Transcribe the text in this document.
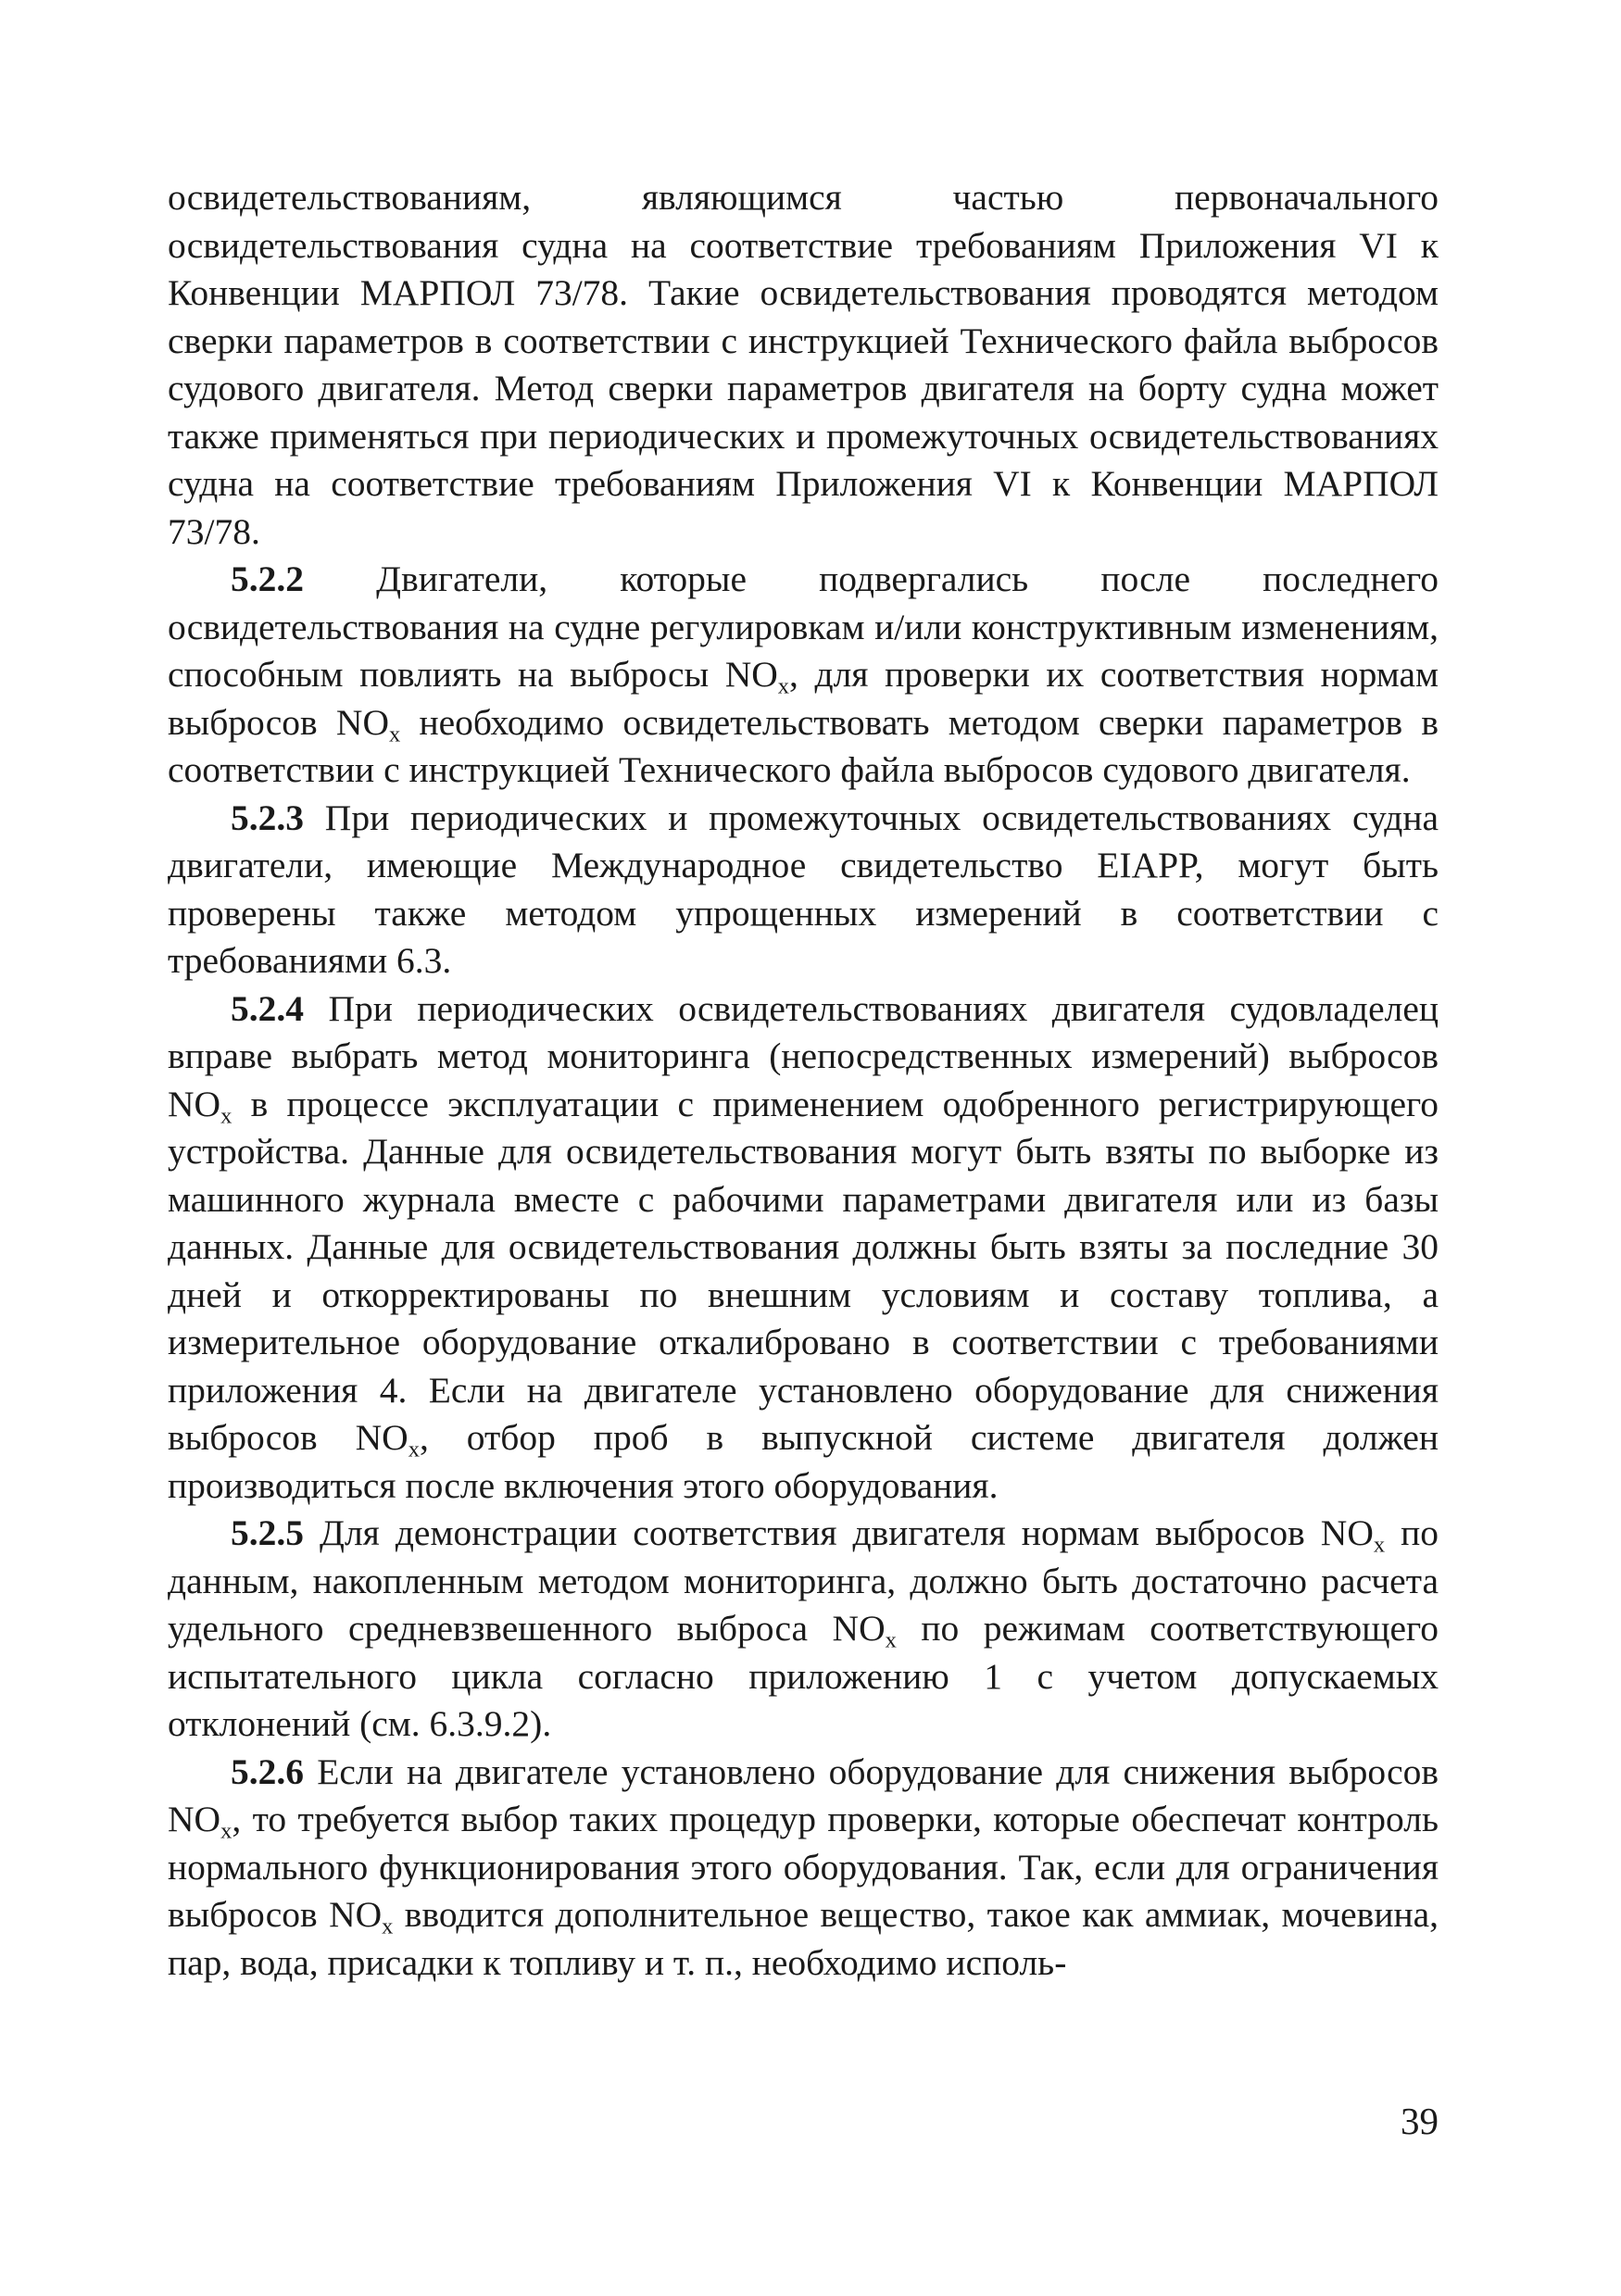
освидетельствованиям, являющимся частью первоначального освидетельствования судна на соответствие требованиям Приложения VI к Конвенции МАРПОЛ 73/78. Такие освидетельствования проводятся методом сверки параметров в соответствии с инструкцией Технического файла выбросов судового двигателя. Метод сверки параметров двигателя на борту судна может также применяться при периодических и промежуточных освидетельствованиях судна на соответствие требованиям Приложения VI к Конвенции МАРПОЛ 73/78.

5.2.2 Двигатели, которые подвергались после последнего освидетельствования на судне регулировкам и/или конструктивным изменениям, способным повлиять на выбросы $NO_x$, для проверки их соответствия нормам выбросов $NO_x$ необходимо освидетельствовать методом сверки параметров в соответствии с инструкцией Технического файла выбросов судового двигателя.

5.2.3 При периодических и промежуточных освидетельствованиях судна двигатели, имеющие Международное свидетельство EIAPP, могут быть проверены также методом упрощенных измерений в соответствии с требованиями 6.3.

5.2.4 При периодических освидетельствованиях двигателя судовладелец вправе выбрать метод мониторинга (непосредственных измерений) выбросов $NO_x$ в процессе эксплуатации с применением одобренного регистрирующего устройства. Данные для освидетельствования могут быть взяты по выборке из машинного журнала вместе с рабочими параметрами двигателя или из базы данных. Данные для освидетельствования должны быть взяты за последние 30 дней и откорректированы по внешним условиям и составу топлива, а измерительное оборудование откалибровано в соответствии с требованиями приложения 4. Если на двигателе установлено оборудование для снижения выбросов $NO_x$, отбор проб в выпускной системе двигателя должен производиться после включения этого оборудования.

5.2.5 Для демонстрации соответствия двигателя нормам выбросов $NO_x$ по данным, накопленным методом мониторинга, должно быть достаточно расчета удельного средневзвешенного выброса $NO_x$ по режимам соответствующего испытательного цикла согласно приложению 1 с учетом допускаемых отклонений (см. 6.3.9.2).

5.2.6 Если на двигателе установлено оборудование для снижения выбросов $NO_x$, то требуется выбор таких процедур проверки, которые обеспечат контроль нормального функционирования этого оборудования. Так, если для ограничения выбросов $NO_x$ вводится дополнительное вещество, такое как аммиак, мочевина, пар, вода, присадки к топливу и т. п., необходимо исполь-

39
